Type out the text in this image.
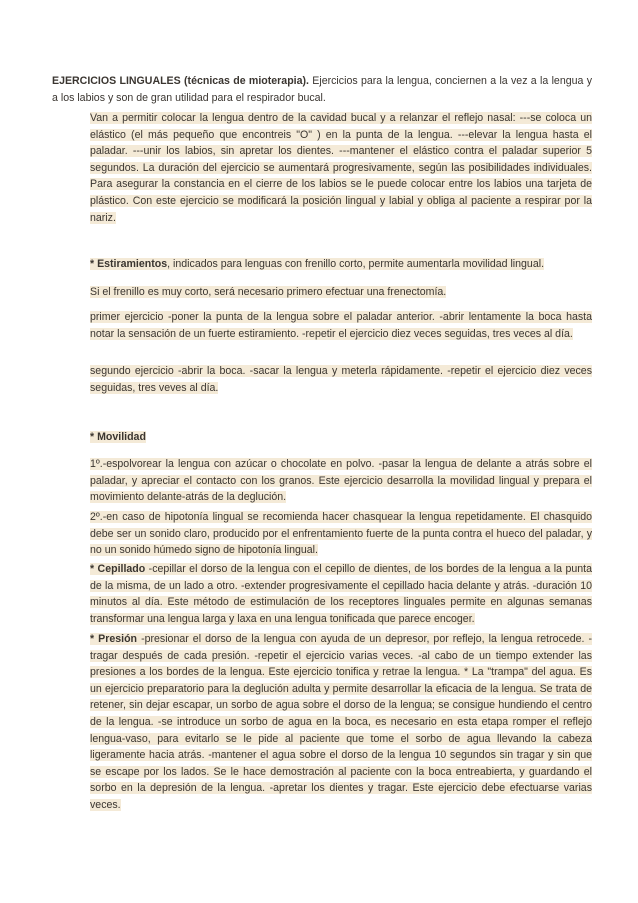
EJERCICIOS LINGUALES (técnicas de mioterapia). Ejercicios para la lengua, conciernen a la vez a la lengua y a los labios y son de gran utilidad para el respirador bucal.
Van a permitir colocar la lengua dentro de la cavidad bucal y a relanzar el reflejo nasal: ---se coloca un elástico (el más pequeño que encontreis "O" ) en la punta de la lengua. ---elevar la lengua hasta el paladar. ---unir los labios, sin apretar los dientes. ---mantener el elástico contra el paladar superior 5 segundos. La duración del ejercicio se aumentará progresivamente, según las posibilidades individuales. Para asegurar la constancia en el cierre de los labios se le puede colocar entre los labios una tarjeta de plástico. Con este ejercicio se modificará la posición lingual y labial y obliga al paciente a respirar por la nariz.
* Estiramientos, indicados para lenguas con frenillo corto, permite aumentarla movilidad lingual.
Si el frenillo es muy corto, será necesario primero efectuar una frenectomía.
primer ejercicio -poner la punta de la lengua sobre el paladar anterior. -abrir lentamente la boca hasta notar la sensación de un fuerte estiramiento. -repetir el ejercicio diez veces seguidas, tres veces al día.
segundo ejercicio -abrir la boca. -sacar la lengua y meterla rápidamente. -repetir el ejercicio diez veces seguidas, tres veves al día.
* Movilidad
1º.-espolvorear la lengua con azúcar o chocolate en polvo. -pasar la lengua de delante a atrás sobre el paladar, y apreciar el contacto con los granos. Este ejercicio desarrolla la movilidad lingual y prepara el movimiento delante-atrás de la deglución.
2º.-en caso de hipotonía lingual se recomienda hacer chasquear la lengua repetidamente. El chasquido debe ser un sonido claro, producido por el enfrentamiento fuerte de la punta contra el hueco del paladar, y no un sonido húmedo signo de hipotonía lingual.
* Cepillado -cepillar el dorso de la lengua con el cepillo de dientes, de los bordes de la lengua a la punta de la misma, de un lado a otro. -extender progresivamente el cepillado hacia delante y atrás. -duración 10 minutos al día. Este método de estimulación de los receptores linguales permite en algunas semanas transformar una lengua larga y laxa en una lengua tonificada que parece encoger.
* Presión -presionar el dorso de la lengua con ayuda de un depresor, por reflejo, la lengua retrocede. -tragar después de cada presión. -repetir el ejercicio varias veces. -al cabo de un tiempo extender las presiones a los bordes de la lengua. Este ejercicio tonifica y retrae la lengua. * La "trampa" del agua. Es un ejercicio preparatorio para la deglución adulta y permite desarrollar la eficacia de la lengua. Se trata de retener, sin dejar escapar, un sorbo de agua sobre el dorso de la lengua; se consigue hundiendo el centro de la lengua. -se introduce un sorbo de agua en la boca, es necesario en esta etapa romper el reflejo lengua-vaso, para evitarlo se le pide al paciente que tome el sorbo de agua llevando la cabeza ligeramente hacia atrás. -mantener el agua sobre el dorso de la lengua 10 segundos sin tragar y sin que se escape por los lados. Se le hace demostración al paciente con la boca entreabierta, y guardando el sorbo en la depresión de la lengua. -apretar los dientes y tragar. Este ejercicio debe efectuarse varias veces.
